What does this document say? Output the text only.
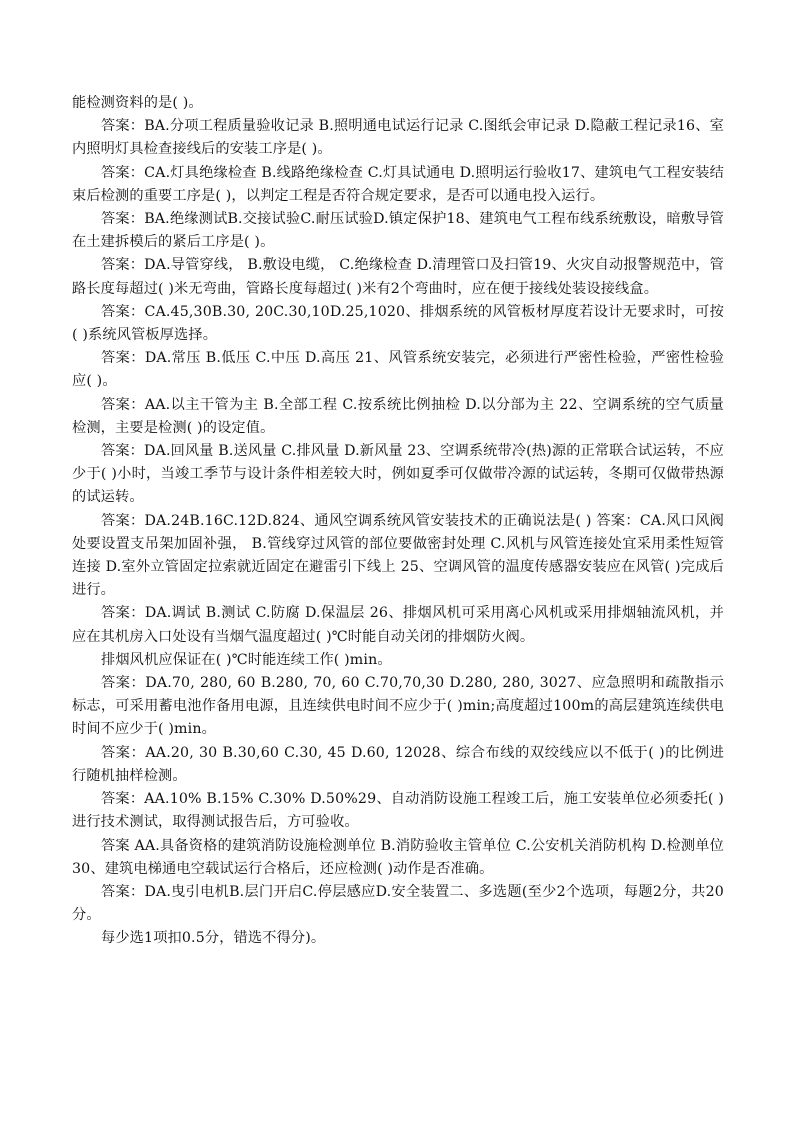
能检测资料的是( )。

答案：BA.分项工程质量验收记录 B.照明通电试运行记录 C.图纸会审记录 D.隐蔽工程记录16、室内照明灯具检查接线后的安装工序是( )。

答案：CA.灯具绝缘检查 B.线路绝缘检查 C.灯具试通电 D.照明运行验收17、建筑电气工程安装结束后检测的重要工序是( )，以判定工程是否符合规定要求，是否可以通电投入运行。

答案：BA.绝缘测试B.交接试验C.耐压试验D.镇定保护18、建筑电气工程布线系统敷设，暗敷导管在土建拆模后的紧后工序是( )。

答案：DA.导管穿线， B.敷设电缆， C.绝缘检查 D.清理管口及扫管19、火灾自动报警规范中，管路长度每超过( )米无弯曲，管路长度每超过( )米有2个弯曲时，应在便于接线处装设接线盒。

答案：CA.45,30B.30, 20C.30,10D.25,1020、排烟系统的风管板材厚度若设计无要求时，可按( )系统风管板厚选择。

答案：DA.常压 B.低压 C.中压 D.高压 21、风管系统安装完，必须进行严密性检验，严密性检验应( )。

答案：AA.以主干管为主 B.全部工程 C.按系统比例抽检 D.以分部为主 22、空调系统的空气质量检测，主要是检测( )的设定值。

答案：DA.回风量 B.送风量 C.排风量 D.新风量 23、空调系统带冷(热)源的正常联合试运转，不应少于( )小时，当竣工季节与设计条件相差较大时，例如夏季可仅做带冷源的试运转，冬期可仅做带热源的试运转。

答案：DA.24B.16C.12D.824、通风空调系统风管安装技术的正确说法是( ) 答案：CA.风口风阀处要设置支吊架加固补强， B.管线穿过风管的部位要做密封处理 C.风机与风管连接处宜采用柔性短管连接 D.室外立管固定拉索就近固定在避雷引下线上 25、空调风管的温度传感器安装应在风管( )完成后进行。

答案：DA.调试 B.测试 C.防腐 D.保温层 26、排烟风机可采用离心风机或采用排烟轴流风机，并应在其机房入口处设有当烟气温度超过( )℃时能自动关闭的排烟防火阀。

排烟风机应保证在( )℃时能连续工作( )min。

答案：DA.70, 280, 60 B.280, 70, 60 C.70,70,30 D.280, 280, 3027、应急照明和疏散指示标志，可采用蓄电池作备用电源，且连续供电时间不应少于( )min;高度超过100m的高层建筑连续供电时间不应少于( )min。

答案：AA.20, 30 B.30,60 C.30, 45 D.60, 12028、综合布线的双绞线应以不低于( )的比例进行随机抽样检测。

答案：AA.10% B.15% C.30% D.50%29、自动消防设施工程竣工后，施工安装单位必须委托( )进行技术测试，取得测试报告后，方可验收。

答案 AA.具备资格的建筑消防设施检测单位 B.消防验收主管单位 C.公安机关消防机构 D.检测单位 30、建筑电梯通电空载试运行合格后，还应检测( )动作是否准确。

答案：DA.曳引电机B.层门开启C.停层感应D.安全装置二、多选题(至少2个选项，每题2分，共20分。

每少选1项扣0.5分，错选不得分)。
